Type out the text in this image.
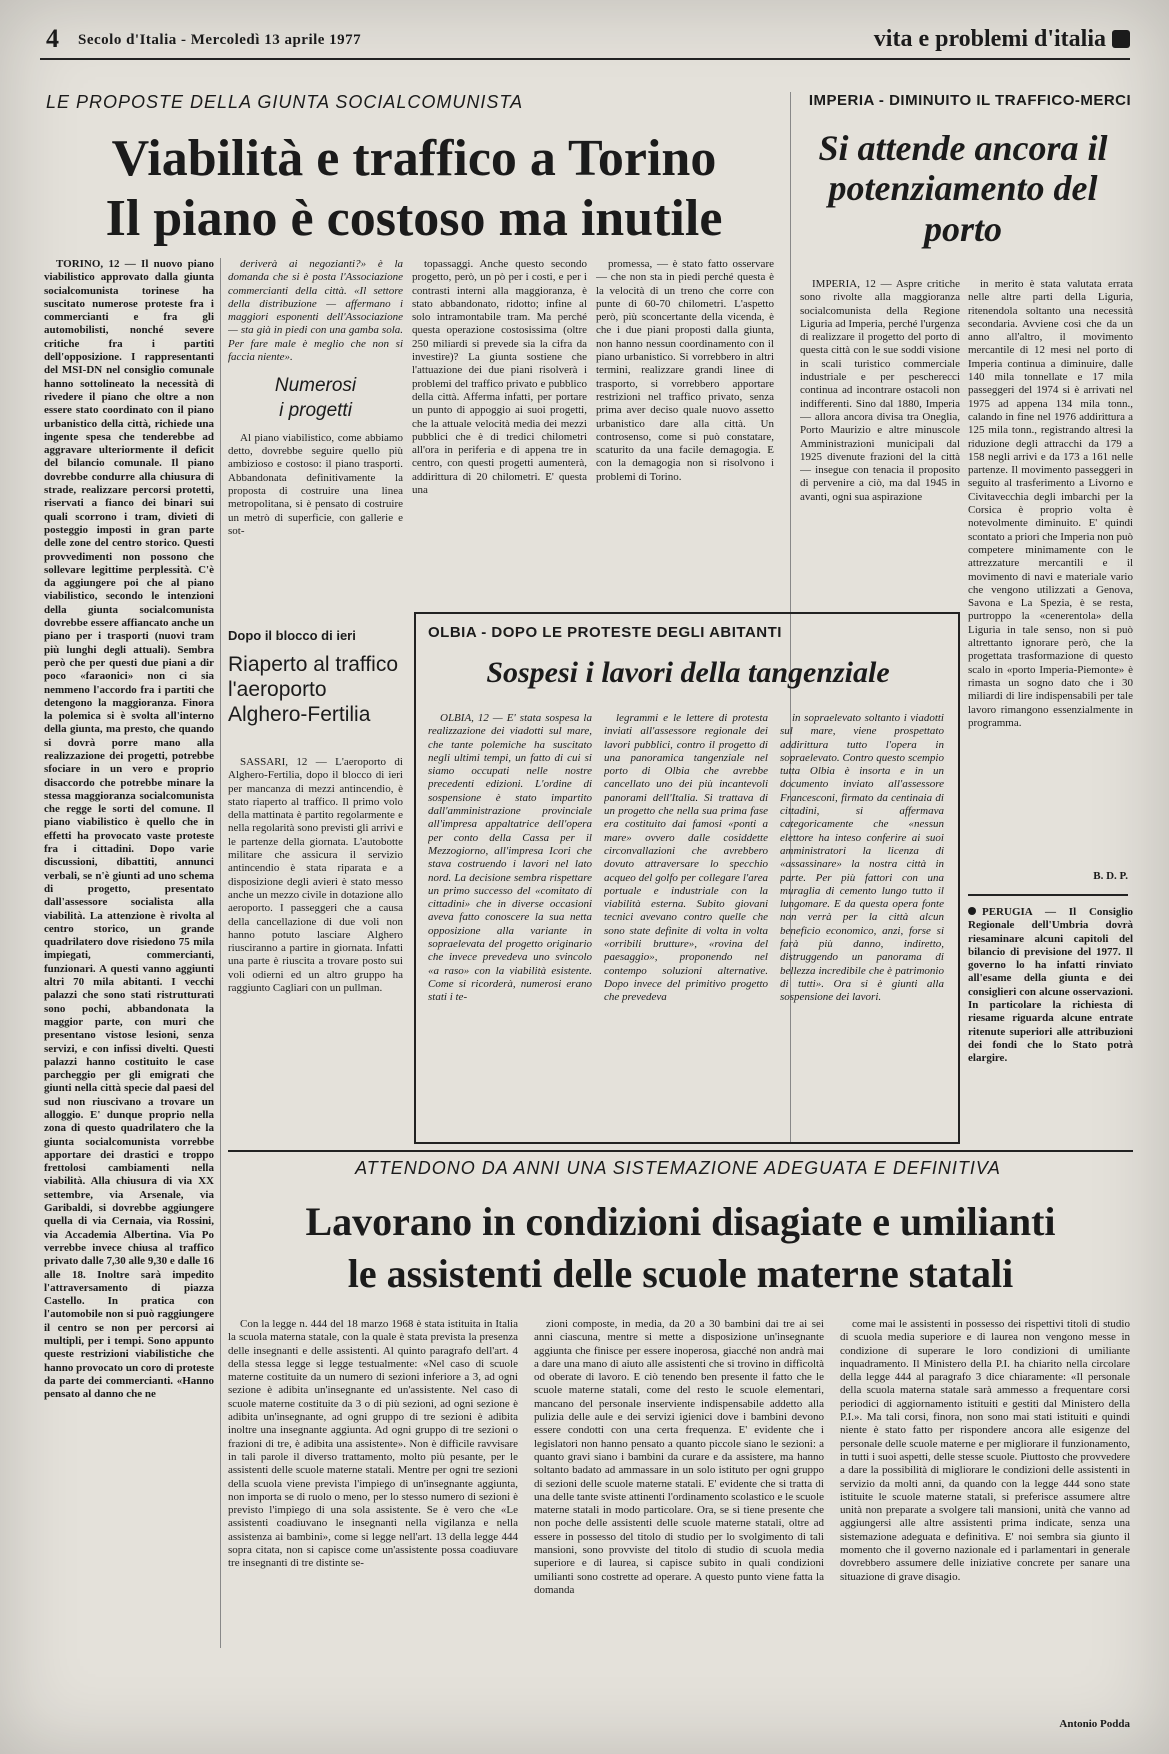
4 Secolo d'Italia - Mercoledì 13 aprile 1977	vita e problemi d'italia
LE PROPOSTE DELLA GIUNTA SOCIALCOMUNISTA
Viabilità e traffico a Torino
Il piano è costoso ma inutile

TORINO, 12 — Il nuovo piano viabilistico approvato dalla giunta socialcomunista torinese ha suscitato numerose proteste fra i commercianti e fra gli automobilisti, nonché severe critiche fra i partiti dell'opposizione. I rappresentanti del MSI-DN nel consiglio comunale hanno sottolineato la necessità di rivedere il piano che oltre a non essere stato coordinato con il piano urbanistico della città, richiede una ingente spesa che tenderebbe ad aggravare ulteriormente il deficit del bilancio comunale. Il piano dovrebbe condurre alla chiusura di strade, realizzare percorsi protetti, riservati a fianco dei binari sui quali scorrono i tram, divieti di posteggio imposti in gran parte delle zone del centro storico. Questi provvedimenti non possono che sollevare legittime perplessità. C'è da aggiungere poi che al piano viabilistico, secondo le intenzioni della giunta socialcomunista dovrebbe essere affiancato anche un piano per i trasporti (nuovi tram più lunghi degli attuali). Sembra però che per questi due piani a dir poco «faraonici» non ci sia nemmeno l'accordo fra i partiti che detengono la maggioranza. Finora la polemica si è svolta all'interno della giunta, ma presto, che quando si dovrà porre mano alla realizzazione dei progetti, potrebbe sfociare in un vero e proprio disaccordo che potrebbe minare la stessa maggioranza socialcomunista che regge le sorti del comune. Il piano viabilistico è quello che in effetti ha provocato vaste proteste fra i cittadini. Dopo varie discussioni, dibattiti, annunci verbali, se n'è giunti ad uno schema di progetto, presentato dall'assessore socialista alla viabilità. La attenzione è rivolta al centro storico, un grande quadrilatero dove risiedono 75 mila impiegati, commercianti, funzionari. A questi vanno aggiunti altri 70 mila abitanti. I vecchi palazzi che sono stati ristrutturati sono pochi, abbandonata la maggior parte, con muri che presentano vistose lesioni, senza servizi, e con infissi divelti. Questi palazzi hanno costituito le case parcheggio per gli emigrati che giunti nella città specie dal paesi del sud non riuscivano a trovare un alloggio. E' dunque proprio nella zona di questo quadrilatero che la giunta socialcomunista vorrebbe apportare dei drastici e troppo frettolosi cambiamenti nella viabilità. Alla chiusura di via XX settembre, via Arsenale, via Garibaldi, si dovrebbe aggiungere quella di via Cernaia, via Rossini, via Accademia Albertina. Via Po verrebbe invece chiusa al traffico privato dalle 7,30 alle 9,30 e dalle 16 alle 18. Inoltre sarà impedito l'attraversamento di piazza Castello. In pratica con l'automobile non si può raggiungere il centro se non per percorsi ai multipli, per i tempi. Sono appunto queste restrizioni viabilistiche che hanno provocato un coro di proteste da parte dei commercianti. «Hanno pensato al danno che ne

deriverà ai negozianti?» è la domanda che si è posta l'Associazione commercianti della città. «Il settore della distribuzione — affermano i maggiori esponenti dell'Associazione — sta già in piedi con una gamba sola. Per fare male è meglio che non si faccia niente».

Numerosi
i progetti

Al piano viabilistico, come abbiamo detto, dovrebbe seguire quello più ambizioso e costoso: il piano trasporti. Abbandonata definitivamente la proposta di costruire una linea metropolitana, si è pensato di costruire un metrò di superficie, con gallerie e sot-

topassaggi. Anche questo secondo progetto, però, un pò per i costi, e per i contrasti interni alla maggioranza, è stato abbandonato, ridotto; infine al solo intramontabile tram. Ma perché questa operazione costosissima (oltre 250 miliardi si prevede sia la cifra da investire)? La giunta sostiene che l'attuazione dei due piani risolverà i problemi del traffico privato e pubblico della città. Afferma infatti, per portare un punto di appoggio ai suoi progetti, che la attuale velocità media dei mezzi pubblici che è di tredici chilometri all'ora in periferia e di appena tre in centro, con questi progetti aumenterà, addirittura di 20 chilometri. E' questa una

promessa, — è stato fatto osservare — che non sta in piedi perché questa è la velocità di un treno che corre con punte di 60-70 chilometri. L'aspetto però, più sconcertante della vicenda, è che i due piani proposti dalla giunta, non hanno nessun coordinamento con il piano urbanistico. Si vorrebbero in altri termini, realizzare grandi linee di trasporto, si vorrebbero apportare restrizioni nel traffico privato, senza prima aver deciso quale nuovo assetto urbanistico dare alla città. Un controsenso, come si può constatare, scaturito da una facile demagogia. E con la demagogia non si risolvono i problemi di Torino.

IMPERIA - DIMINUITO IL TRAFFICO-MERCI
Si attende ancora il potenziamento del porto

IMPERIA, 12 — Aspre critiche sono rivolte alla maggioranza socialcomunista della Regione Liguria ad Imperia, perché l'urgenza di realizzare il progetto del porto di questa città con le sue soddi visione in scali turistico commerciale industriale e per pescherecci continua ad incontrare ostacoli non indifferenti. Sino dal 1880, Imperia — allora ancora divisa tra Oneglia, Porto Maurizio e altre minuscole Amministrazioni municipali dal 1925 divenute frazioni del la città — insegue con tenacia il proposito di pervenire a ciò, ma dal 1945 in avanti, ogni sua aspirazione

in merito è stata valutata errata nelle altre parti della Liguria, ritenendola soltanto una necessità secondaria. Avviene così che da un anno all'altro, il movimento mercantile di 12 mesi nel porto di Imperia continua a diminuire, dalle 140 mila tonnellate e 17 mila passeggeri del 1974 si è arrivati nel 1975 ad appena 134 mila tonn., calando in fine nel 1976 addirittura a 125 mila tonn., registrando altresì la riduzione degli attracchi da 179 a 158 negli arrivi e da 173 a 161 nelle partenze. Il movimento passeggeri in seguito al trasferimento a Livorno e Civitavecchia degli imbarchi per la Corsica è proprio volta è notevolmente diminuito. E' quindi scontato a priori che Imperia non può competere minimamente con le attrezzature mercantili e il movimento di navi e materiale vario che vengono utilizzati a Genova, Savona e La Spezia, è se resta, purtroppo la «cenerentola» della Liguria in tale senso, non si può altrettanto ignorare però, che la progettata trasformazione di questo scalo in «porto Imperia-Piemonte» è rimasta un sogno dato che i 30 miliardi di lire indispensabili per tale lavoro rimangono essenzialmente in programma.

B. D. P.
PERUGIA — Il Consiglio Regionale dell'Umbria dovrà riesaminare alcuni capitoli del bilancio di previsione del 1977. Il governo lo ha infatti rinviato all'esame della giunta e dei consiglieri con alcune osservazioni. In particolare la richiesta di riesame riguarda alcune entrate ritenute superiori alle attribuzioni dei fondi che lo Stato potrà elargire.
Dopo il blocco di ieri
Riaperto al traffico l'aeroporto Alghero-Fertilia

SASSARI, 12 — L'aeroporto di Alghero-Fertilia, dopo il blocco di ieri per mancanza di mezzi antincendio, è stato riaperto al traffico. Il primo volo della mattinata è partito regolarmente e nella regolarità sono previsti gli arrivi e le partenze della giornata. L'autobotte militare che assicura il servizio antincendio è stata riparata e a disposizione degli avieri è stato messo anche un mezzo civile in dotazione allo aeroporto. I passeggeri che a causa della cancellazione di due voli non hanno potuto lasciare Alghero riusciranno a partire in giornata. Infatti una parte è riuscita a trovare posto sui voli odierni ed un altro gruppo ha raggiunto Cagliari con un pullman.

OLBIA - DOPO LE PROTESTE DEGLI ABITANTI
Sospesi i lavori della tangenziale

OLBIA, 12 — E' stata sospesa la realizzazione dei viadotti sul mare, che tante polemiche ha suscitato negli ultimi tempi, un fatto di cui si siamo occupati nelle nostre precedenti edizioni. L'ordine di sospensione è stato impartito dall'amministrazione provinciale all'impresa appaltatrice dell'opera per conto della Cassa per il Mezzogiorno, all'impresa Icori che stava costruendo i lavori nel lato nord. La decisione sembra rispettare un primo successo del «comitato di cittadini» che in diverse occasioni aveva fatto conoscere la sua netta opposizione alla variante in sopraelevata del progetto originario che invece prevedeva uno svincolo «a raso» con la viabilità esistente. Come si ricorderà, numerosi erano stati i te-

legrammi e le lettere di protesta inviati all'assessore regionale dei lavori pubblici, contro il progetto di una panoramica tangenziale nel porto di Olbia che avrebbe cancellato uno dei più incantevoli panorami dell'Italia. Si trattava di un progetto che nella sua prima fase era costituito dai famosi «ponti a mare» ovvero dalle cosiddette circonvallazioni che avrebbero dovuto attraversare lo specchio acqueo del golfo per collegare l'area portuale e industriale con la viabilità esterna. Subito giovani tecnici avevano contro quelle che sono state definite di volta in volta «orribili brutture», «rovina del paesaggio», proponendo nel contempo soluzioni alternative. Dopo invece del primitivo progetto che prevedeva

in sopraelevato soltanto i viadotti sul mare, viene prospettato addirittura tutto l'opera in sopraelevato. Contro questo scempio tutta Olbia è insorta e in un documento inviato all'assessore Francesconi, firmato da centinaia di cittadini, si affermava categoricamente che «nessun elettore ha inteso conferire ai suoi amministratori la licenza di «assassinare» la nostra città in parte. Per più fattori con una muraglia di cemento lungo tutto il lungomare. E da questa opera fonte non verrà per la città alcun beneficio economico, anzi, forse si farà più danno, indiretto, distruggendo un panorama di bellezza incredibile che è patrimonio di tutti». Ora si è giunti alla sospensione dei lavori.

ATTENDONO DA ANNI UNA SISTEMAZIONE ADEGUATA E DEFINITIVA
Lavorano in condizioni disagiate e umilianti
le assistenti delle scuole materne statali

Con la legge n. 444 del 18 marzo 1968 è stata istituita in Italia la scuola materna statale, con la quale è stata prevista la presenza delle insegnanti e delle assistenti. Al quinto paragrafo dell'art. 4 della stessa legge si legge testualmente: «Nel caso di scuole materne costituite da un numero di sezioni inferiore a 3, ad ogni sezione è adibita un'insegnante ed un'assistente. Nel caso di scuole materne costituite da 3 o di più sezioni, ad ogni sezione è adibita un'insegnante, ad ogni gruppo di tre sezioni è adibita inoltre una insegnante aggiunta. Ad ogni gruppo di tre sezioni o frazioni di tre, è adibita una assistente». Non è difficile ravvisare in tali parole il diverso trattamento, molto più pesante, per le assistenti delle scuole materne statali. Mentre per ogni tre sezioni della scuola viene prevista l'impiego di un'insegnante aggiunta, non importa se di ruolo o meno, per lo stesso numero di sezioni è previsto l'impiego di una sola assistente. Se è vero che «Le assistenti coadiuvano le insegnanti nella vigilanza e nella assistenza ai bambini», come si legge nell'art. 13 della legge 444 sopra citata, non si capisce come un'assistente possa coadiuvare tre insegnanti di tre distinte se-

zioni composte, in media, da 20 a 30 bambini dai tre ai sei anni ciascuna, mentre si mette a disposizione un'insegnante aggiunta che finisce per essere inoperosa, giacché non andrà mai a dare una mano di aiuto alle assistenti che si trovino in difficoltà od oberate di lavoro. E ciò tenendo ben presente il fatto che le scuole materne statali, come del resto le scuole elementari, mancano del personale inserviente indispensabile addetto alla pulizia delle aule e dei servizi igienici dove i bambini devono essere condotti con una certa frequenza. E' evidente che i legislatori non hanno pensato a quanto piccole siano le sezioni: a quanto gravi siano i bambini da curare e da assistere, ma hanno soltanto badato ad ammassare in un solo istituto per ogni gruppo di sezioni delle scuole materne statali. E' evidente che si tratta di una delle tante sviste attinenti l'ordinamento scolastico e le scuole materne statali in modo particolare. Ora, se si tiene presente che non poche delle assistenti delle scuole materne statali, oltre ad essere in possesso del titolo di studio per lo svolgimento di tali mansioni, sono provviste del titolo di studio di scuola media superiore e di laurea, si capisce subito in quali condizioni umilianti sono costrette ad operare. A questo punto viene fatta la domanda

come mai le assistenti in possesso dei rispettivi titoli di studio di scuola media superiore e di laurea non vengono messe in condizione di superare le loro condizioni di umiliante inquadramento. Il Ministero della P.I. ha chiarito nella circolare della legge 444 al paragrafo 3 dice chiaramente: «Il personale della scuola materna statale sarà ammesso a frequentare corsi periodici di aggiornamento istituiti e gestiti dal Ministero della P.I.». Ma tali corsi, finora, non sono mai stati istituiti e quindi niente è stato fatto per rispondere ancora alle esigenze del personale delle scuole materne e per migliorare il funzionamento, in tutti i suoi aspetti, delle stesse scuole. Piuttosto che provvedere a dare la possibilità di migliorare le condizioni delle assistenti in servizio da molti anni, da quando con la legge 444 sono state istituite le scuole materne statali, si preferisce assumere altre unità non preparate a svolgere tali mansioni, unità che vanno ad aggiungersi alle altre assistenti prima indicate, senza una sistemazione adeguata e definitiva. E' noi sembra sia giunto il momento che il governo nazionale ed i parlamentari in generale dovrebbero assumere delle iniziative concrete per sanare una situazione di grave disagio.

Antonio Podda
